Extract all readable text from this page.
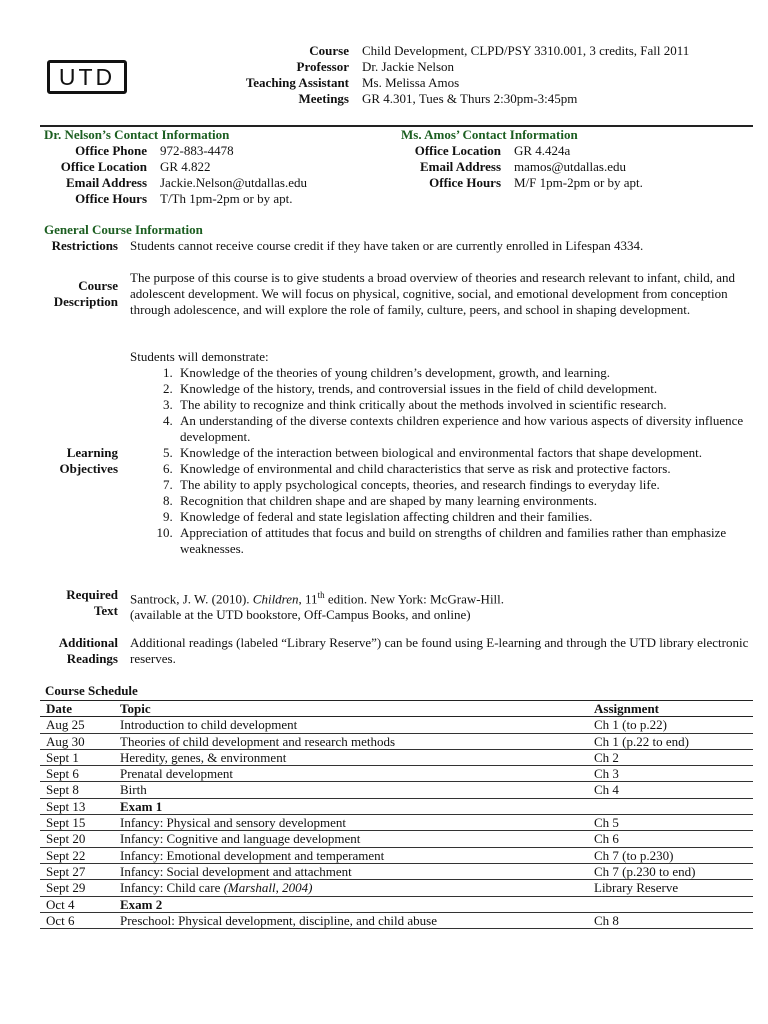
UTD
Course	Child Development, CLPD/PSY 3310.001, 3 credits, Fall 2011
Professor	Dr. Jackie Nelson
Teaching Assistant	Ms. Melissa Amos
Meetings	GR 4.301, Tues & Thurs 2:30pm-3:45pm
Dr. Nelson’s Contact Information
Office Phone	972-883-4478
Office Location	GR 4.822
Email Address	Jackie.Nelson@utdallas.edu
Office Hours	T/Th 1pm-2pm or by apt.
Ms. Amos’ Contact Information
Office Location	GR 4.424a
Email Address	mamos@utdallas.edu
Office Hours	M/F 1pm-2pm or by apt.
General Course Information
Restrictions Students cannot receive course credit if they have taken or are currently enrolled in Lifespan 4334.
Course
Description
The purpose of this course is to give students a broad overview of theories and research relevant to infant, child, and adolescent development. We will focus on physical, cognitive, social, and emotional development from conception through adolescence, and will explore the role of family, culture, peers, and school in shaping development.
Learning
Objectives
Students will demonstrate:
1. Knowledge of the theories of young children’s development, growth, and learning.
2. Knowledge of the history, trends, and controversial issues in the field of child development.
3. The ability to recognize and think critically about the methods involved in scientific research.
4. An understanding of the diverse contexts children experience and how various aspects of diversity influence development.
5. Knowledge of the interaction between biological and environmental factors that shape development.
6. Knowledge of environmental and child characteristics that serve as risk and protective factors.
7. The ability to apply psychological concepts, theories, and research findings to everyday life.
8. Recognition that children shape and are shaped by many learning environments.
9. Knowledge of federal and state legislation affecting children and their families.
10. Appreciation of attitudes that focus and build on strengths of children and families rather than emphasize weaknesses.
Required
Text
Santrock, J. W. (2010). Children, 11th edition. New York: McGraw-Hill.
(available at the UTD bookstore, Off-Campus Books, and online)
Additional
Readings
Additional readings (labeled “Library Reserve”) can be found using E-learning and through the UTD library electronic reserves.
Course Schedule
Date	Topic	Assignment
Aug 25	Introduction to child development	Ch 1 (to p.22)
Aug 30	Theories of child development and research methods	Ch 1 (p.22 to end)
Sept 1	Heredity, genes, & environment	Ch 2
Sept 6	Prenatal development	Ch 3
Sept 8	Birth	Ch 4
Sept 13	Exam 1	
Sept 15	Infancy: Physical and sensory development	Ch 5
Sept 20	Infancy: Cognitive and language development	Ch 6
Sept 22	Infancy: Emotional development and temperament	Ch 7 (to p.230)
Sept 27	Infancy: Social development and attachment	Ch 7 (p.230 to end)
Sept 29	Infancy: Child care (Marshall, 2004)	Library Reserve
Oct 4	Exam 2	
Oct 6	Preschool: Physical development, discipline, and child abuse	Ch 8
